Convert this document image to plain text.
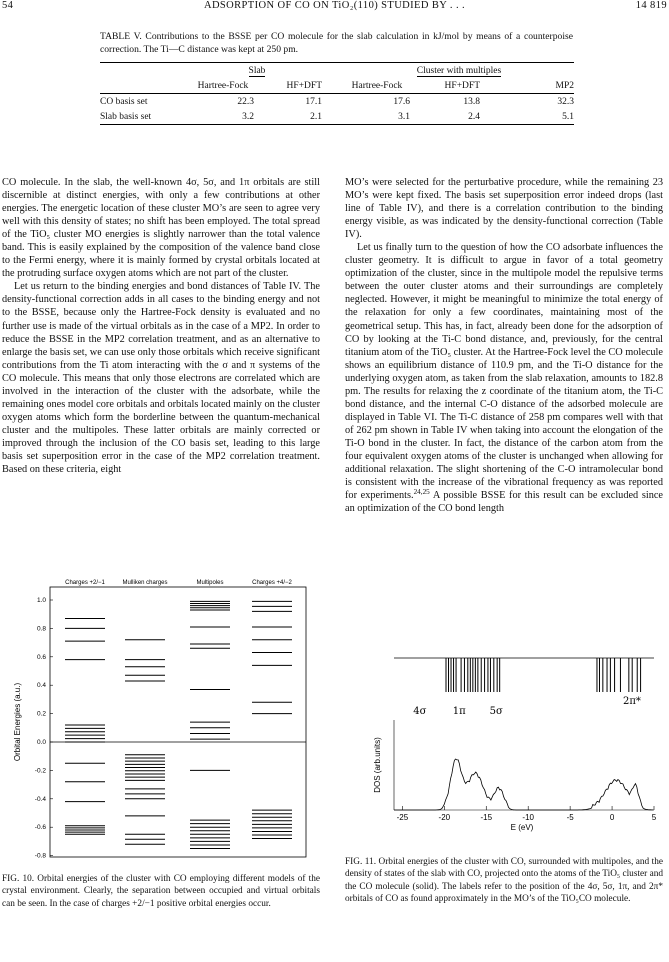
54	ADSORPTION OF CO ON TiO₂(110) STUDIED BY . . .	14 819
TABLE V. Contributions to the BSSE per CO molecule for the slab calculation in kJ/mol by means of a counterpoise correction. The Ti—C distance was kept at 250 pm.
	Slab			Cluster with multiples		
	Hartree-Fock	HF+DFT		Hartree-Fock	HF+DFT	MP2
CO basis set	22.3	17.1		17.6	13.8	32.3
Slab basis set	3.2	2.1		3.1	2.4	5.1

CO molecule. In the slab, the well-known 4σ, 5σ, and 1π orbitals are still discernible at distinct energies, with only a few contributions at other energies. The energetic location of these cluster MO’s are seen to agree very well with this density of states; no shift has been employed. The total spread of the TiO₅ cluster MO energies is slightly narrower than the total valence band. This is easily explained by the composition of the valence band close to the Fermi energy, where it is mainly formed by crystal orbitals located at the protruding surface oxygen atoms which are not part of the cluster.

Let us return to the binding energies and bond distances of Table IV. The density-functional correction adds in all cases to the binding energy and not to the BSSE, because only the Hartree-Fock density is evaluated and no further use is made of the virtual orbitals as in the case of a MP2. In order to reduce the BSSE in the MP2 correlation treatment, and as an alternative to enlarge the basis set, we can use only those orbitals which receive significant contributions from the Ti atom interacting with the σ and π systems of the CO molecule. This means that only those electrons are correlated which are involved in the interaction of the cluster with the adsorbate, while the remaining ones model core orbitals and orbitals located mainly on the cluster oxygen atoms which form the borderline between the quantum-mechanical cluster and the multipoles. These latter orbitals are mainly corrected or improved through the inclusion of the CO basis set, leading to this large basis set superposition error in the case of the MP2 correlation treatment. Based on these criteria, eight

MO’s were selected for the perturbative procedure, while the remaining 23 MO’s were kept fixed. The basis set superposition error indeed drops (last line of Table IV), and there is a correlation contribution to the binding energy visible, as was indicated by the density-functional correction (Table IV).

Let us finally turn to the question of how the CO adsorbate influences the cluster geometry. It is difficult to argue in favor of a total geometry optimization of the cluster, since in the multipole model the repulsive terms between the outer cluster atoms and their surroundings are completely neglected. However, it might be meaningful to minimize the total energy of the relaxation for only a few coordinates, maintaining most of the geometrical setup. This has, in fact, already been done for the adsorption of CO by looking at the Ti-C bond distance, and, previously, for the central titanium atom of the TiO₅ cluster. At the Hartree-Fock level the CO molecule shows an equilibrium distance of 110.9 pm, and the Ti-O distance for the underlying oxygen atom, as taken from the slab relaxation, amounts to 182.8 pm. The results for relaxing the z coordinate of the titanium atom, the Ti-C bond distance, and the internal C-O distance of the adsorbed molecule are displayed in Table VI. The Ti-C distance of 258 pm compares well with that of 262 pm shown in Table IV when taking into account the elongation of the Ti-O bond in the cluster. In fact, the distance of the carbon atom from the four equivalent oxygen atoms of the cluster is unchanged when allowing for additional relaxation. The slight shortening of the C-O intramolecular bond is consistent with the increase of the vibrational frequency as was reported for experiments.$^{24,25}$ A possible BSSE for this result can be excluded since an optimization of the CO bond length

Charges +2/−1	Mulliken charges	Multipoles	Charges +4/−2
1.0
0.8
0.6
0.4
0.2
0.0
-0.2
-0.4
-0.6
-0.8
Orbital Energies (a.u.)
FIG. 10. Orbital energies of the cluster with CO employing different models of the crystal environment. Clearly, the separation between occupied and virtual orbitals can be seen. In the case of charges +2/−1 positive orbital energies occur.
4σ	1π 5σ
2π*
-25	-20	-15	-10	-5	0	5
DOS (arb.units)
E (eV)
FIG. 11. Orbital energies of the cluster with CO, surrounded with multipoles, and the density of states of the slab with CO, projected onto the atoms of the TiO₅ cluster and the CO molecule (solid). The labels refer to the position of the 4σ, 5σ, 1π, and 2π* orbitals of CO as found approximately in the MO’s of the TiO₅CO molecule.
